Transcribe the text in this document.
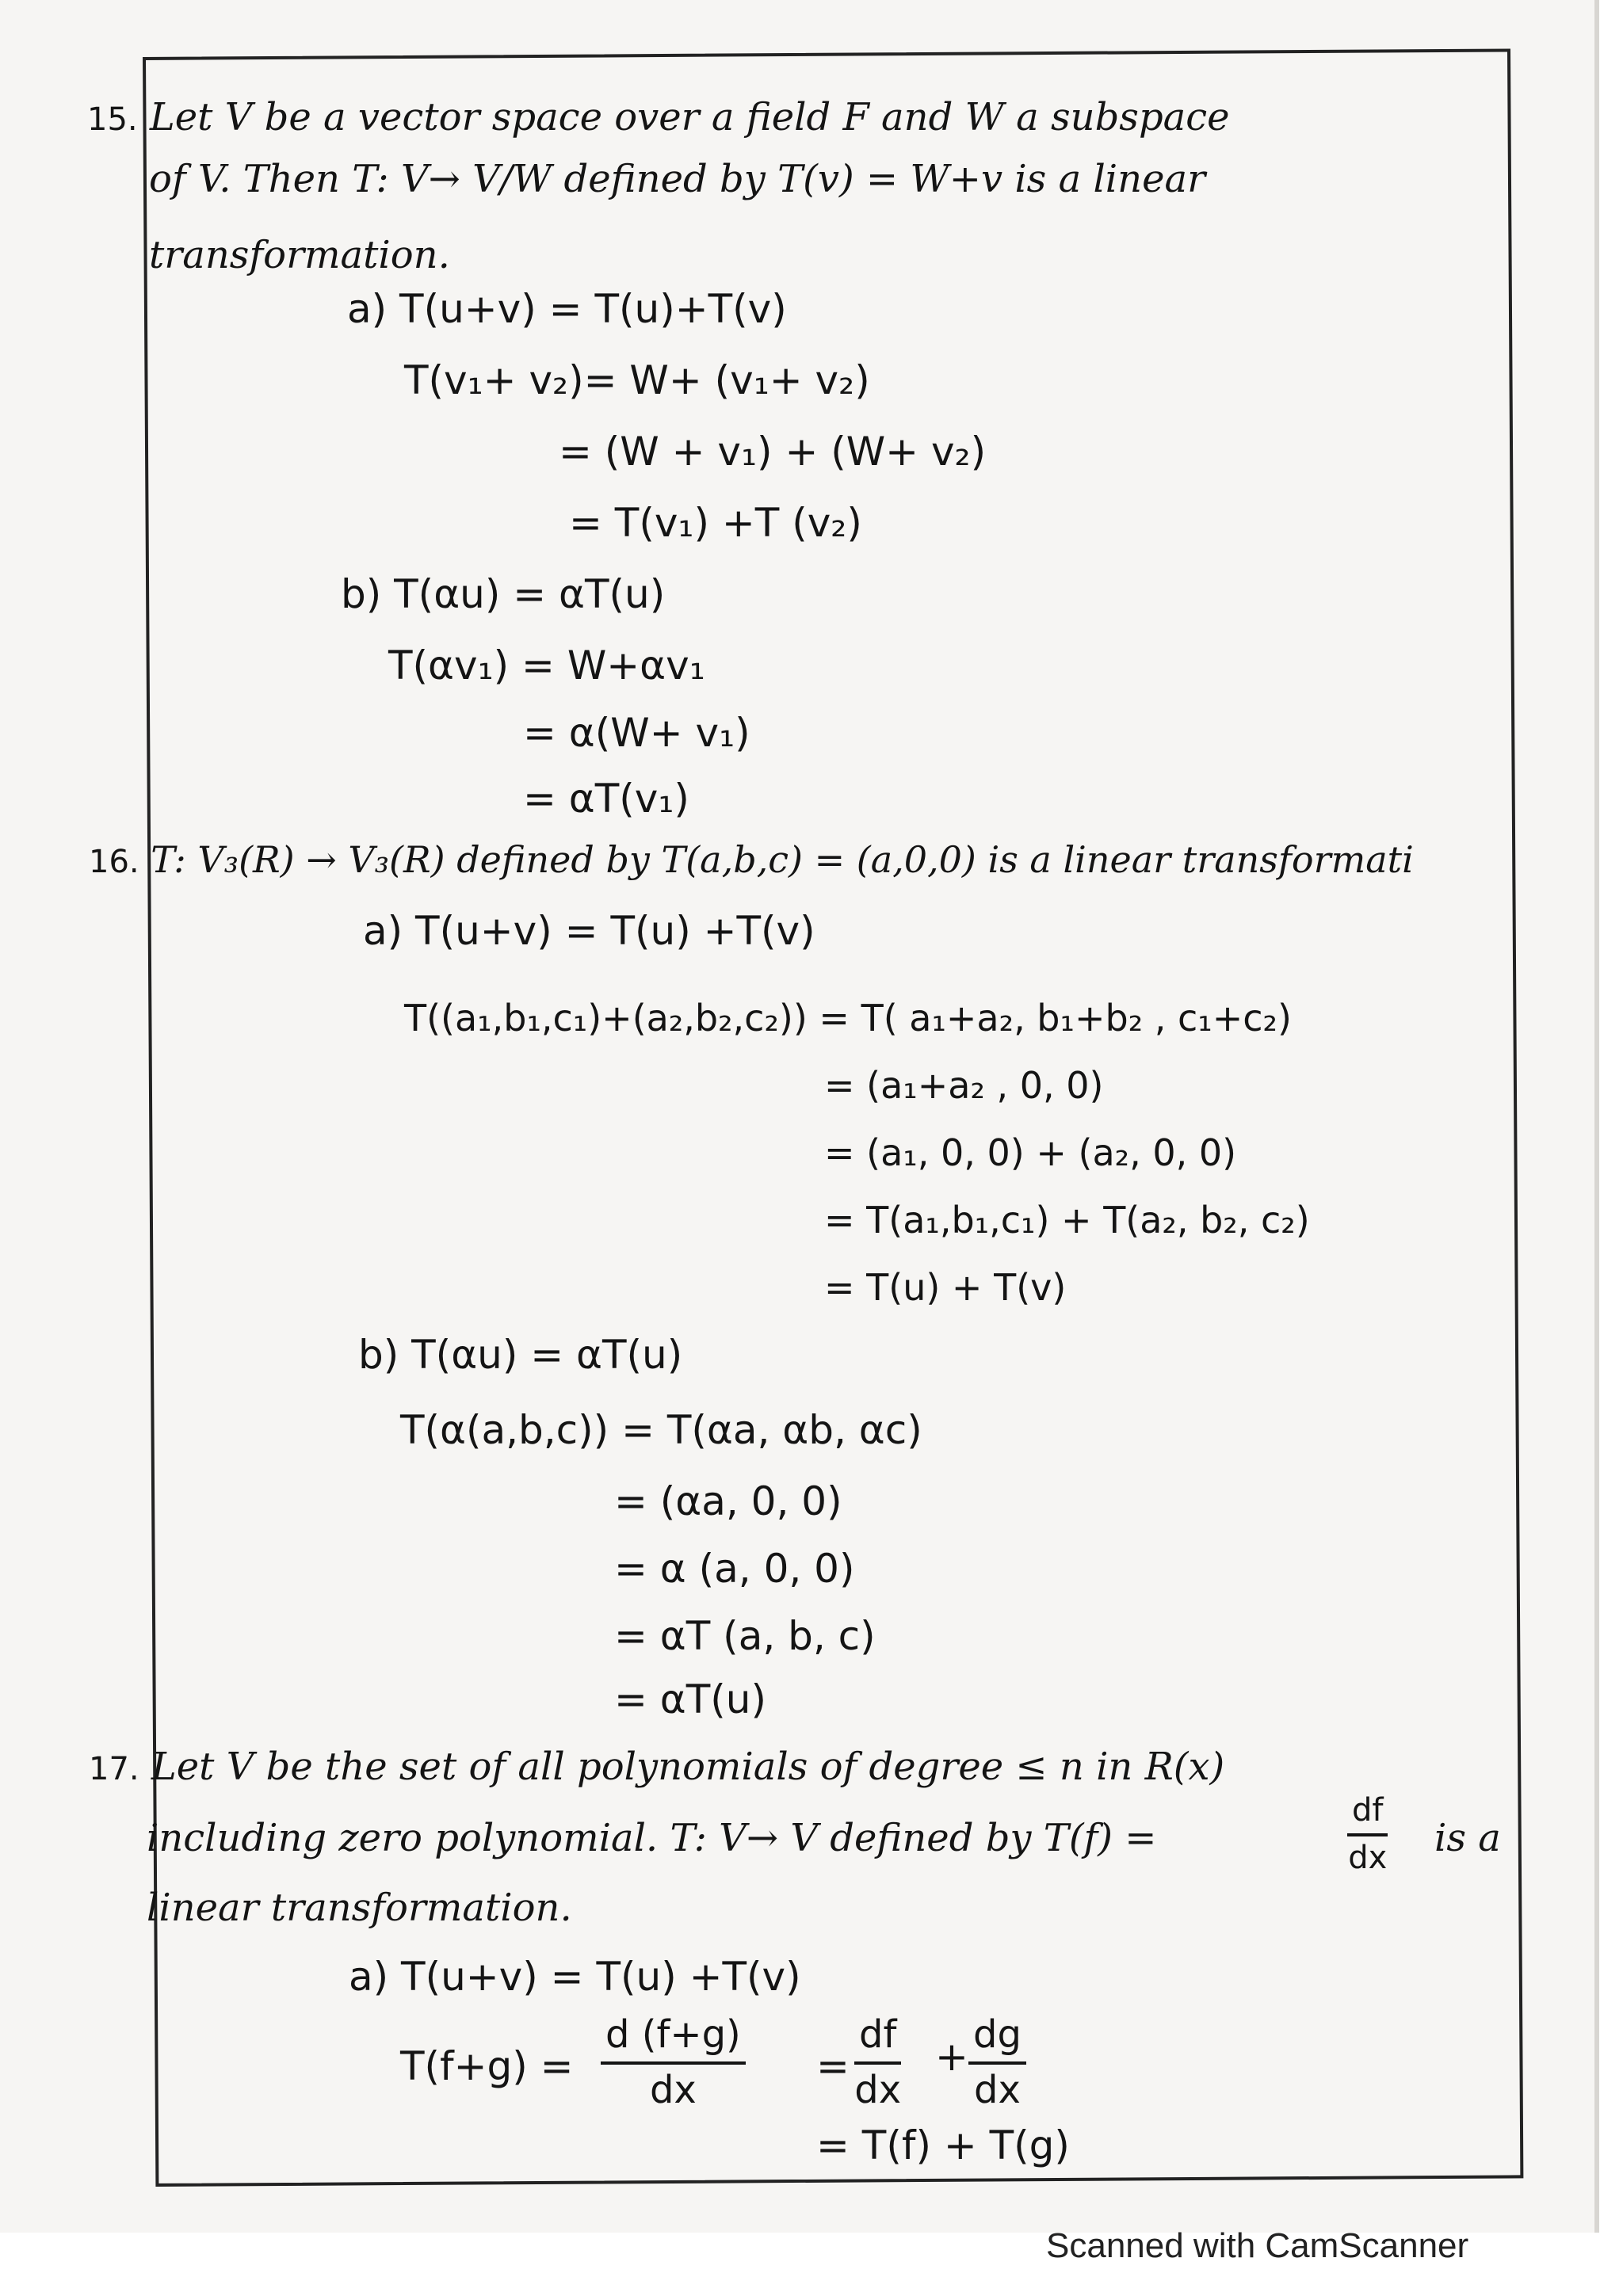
15. Let V be a vector space over a field F and W a subspace
of V. Then T: V→ V/W defined by T(v) = W+v is a linear
transformation.
a) T(u+v) = T(u)+T(v)
T(v₁+ v₂)= W+ (v₁+ v₂)
= (W + v₁) + (W+ v₂)
= T(v₁) +T (v₂)
b) T(αu) = αT(u)
T(αv₁) = W+αv₁
= α(W+ v₁)
= αT(v₁)
16. T: V₃(R) → V₃(R) defined by T(a,b,c) = (a,0,0) is a linear transformati
a) T(u+v) = T(u) +T(v)
T((a₁,b₁,c₁)+(a₂,b₂,c₂)) = T( a₁+a₂, b₁+b₂ , c₁+c₂)
= (a₁+a₂ , 0, 0)
= (a₁, 0, 0) + (a₂, 0, 0)
= T(a₁,b₁,c₁) + T(a₂, b₂, c₂)
= T(u) + T(v)
b) T(αu) = αT(u)
T(α(a,b,c)) = T(αa, αb, αc)
= (αa, 0, 0)
= α (a, 0, 0)
= αT (a, b, c)
= αT(u)
17. Let V be the set of all polynomials of degree ≤ n in R(x)
including zero polynomial. T: V→ V defined by T(f) =	$\frac{df}{dx}$ is a
linear transformation.
a) T(u+v) = T(u) +T(v)
$T(f+g) = \frac{d (f+g)}{dx} = \frac{df}{dx} + \frac{dg}{dx}$
= T(f) + T(g)
Scanned with CamScanner
